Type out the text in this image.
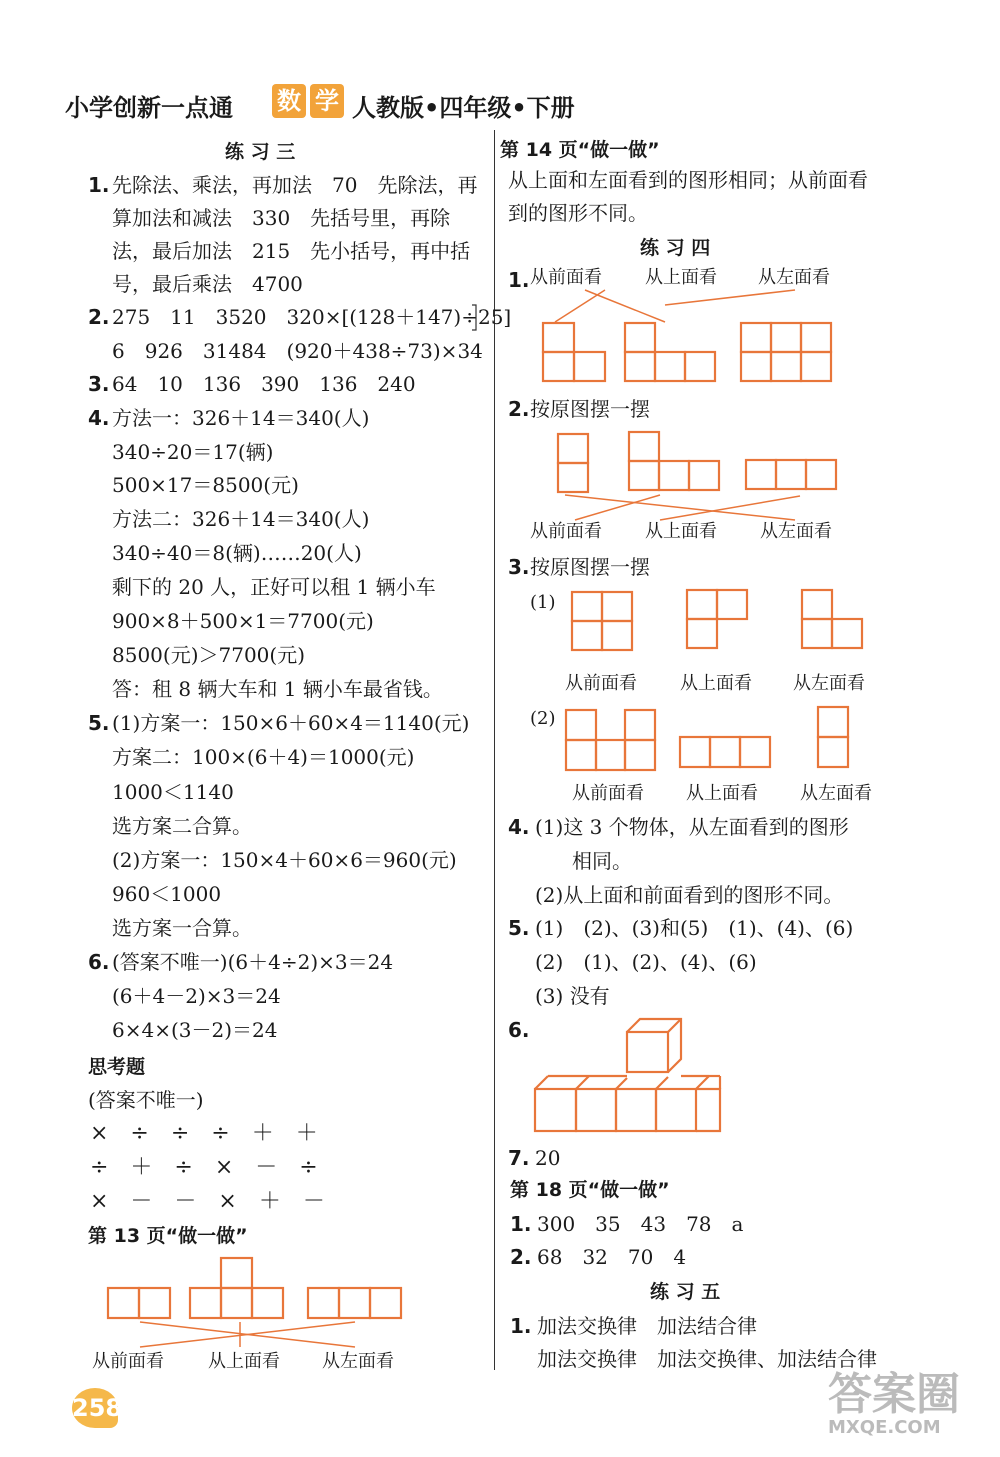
小学创新一点通 数 学 人教版•四年级•下册
练 习 三
1. 先除法、乘法，再加法　70　先除法，再
算加法和减法　330　先括号里，再除
法，最后加法　215　先小括号，再中括
号，最后乘法　4700
2. 275　11　3520　320×[(128＋147)÷25]
6　926　31484　(920＋438÷73)×34
3. 64　10　136　390　136　240
4. 方法一：326＋14＝340(人)
340÷20＝17(辆)
500×17＝8500(元)
方法二：326＋14＝340(人)
340÷40＝8(辆)……20(人)
剩下的 20 人，正好可以租 1 辆小车
900×8＋500×1＝7700(元)
8500(元)＞7700(元)
答：租 8 辆大车和 1 辆小车最省钱。
5. (1)方案一：150×6＋60×4＝1140(元)
方案二：100×(6＋4)＝1000(元)
1000＜1140
选方案二合算。
(2)方案一：150×4＋60×6＝960(元)
960＜1000
选方案一合算。
6. (答案不唯一)(6＋4÷2)×3＝24
(6＋4－2)×3＝24
6×4×(3－2)＝24
思考题
(答案不唯一)
×　÷　÷　÷　＋　＋
÷　＋　÷　×　－　÷
×　－　－　×　＋　－
第 13 页“做一做”
从前面看 从上面看 从左面看
第 14 页“做一做”
从上面和左面看到的图形相同；从前面看
到的图形不同。
练 习 四
1. 从前面看 从上面看 从左面看
2. 按原图摆一摆
从前面看 从上面看 从左面看
3. 按原图摆一摆
(1)
从前面看 从上面看 从左面看
(2)
从前面看 从上面看 从左面看
4. (1)这 3 个物体，从左面看到的图形
相同。
(2)从上面和前面看到的图形不同。
5. (1)　(2)、(3)和(5)　(1)、(4)、(6)
(2)　(1)、(2)、(4)、(6)
(3) 没有
6.
7. 20
第 18 页“做一做”
1. 300　35　43　78　a
2. 68　32　70　4
练 习 五
1. 加法交换律　加法结合律
加法交换律　加法交换律、加法结合律
258	答案圈
MXQE.COM
